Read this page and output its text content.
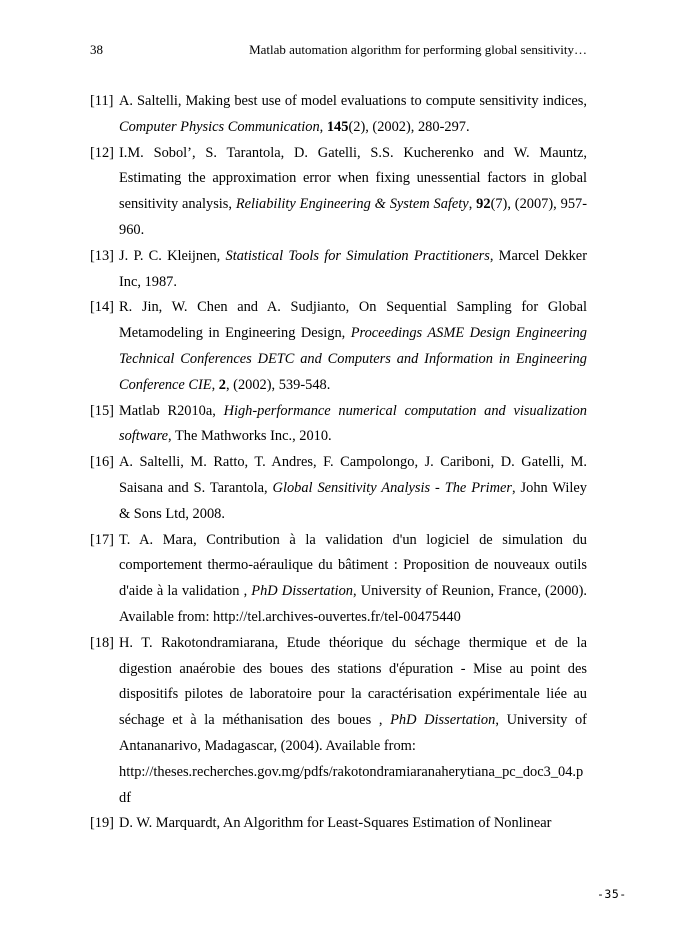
38	Matlab automation algorithm for performing global sensitivity…
[11] A. Saltelli, Making best use of model evaluations to compute sensitivity indices, Computer Physics Communication, 145(2), (2002), 280-297.
[12] I.M. Sobol’, S. Tarantola, D. Gatelli, S.S. Kucherenko and W. Mauntz, Estimating the approximation error when fixing unessential factors in global sensitivity analysis, Reliability Engineering & System Safety, 92(7), (2007), 957-960.
[13] J. P. C. Kleijnen, Statistical Tools for Simulation Practitioners, Marcel Dekker Inc, 1987.
[14] R. Jin, W. Chen and A. Sudjianto, On Sequential Sampling for Global Metamodeling in Engineering Design, Proceedings ASME Design Engineering Technical Conferences DETC and Computers and Information in Engineering Conference CIE, 2, (2002), 539-548.
[15] Matlab R2010a, High-performance numerical computation and visualization software, The Mathworks Inc., 2010.
[16] A. Saltelli, M. Ratto, T. Andres, F. Campolongo, J. Cariboni, D. Gatelli, M. Saisana and S. Tarantola, Global Sensitivity Analysis - The Primer, John Wiley & Sons Ltd, 2008.
[17] T. A. Mara, Contribution à la validation d'un logiciel de simulation du comportement thermo-aéraulique du bâtiment : Proposition de nouveaux outils d'aide à la validation , PhD Dissertation, University of Reunion, France, (2000). Available from: http://tel.archives-ouvertes.fr/tel-00475440
[18] H. T. Rakotondramiarana, Etude théorique du séchage thermique et de la digestion anaérobie des boues des stations d'épuration - Mise au point des dispositifs pilotes de laboratoire pour la caractérisation expérimentale liée au séchage et à la méthanisation des boues , PhD Dissertation, University of Antananarivo, Madagascar, (2004). Available from:
http://theses.recherches.gov.mg/pdfs/rakotondramiaranaherytiana_pc_doc3_04.pdf
[19] D. W. Marquardt, An Algorithm for Least-Squares Estimation of Nonlinear
-35-
